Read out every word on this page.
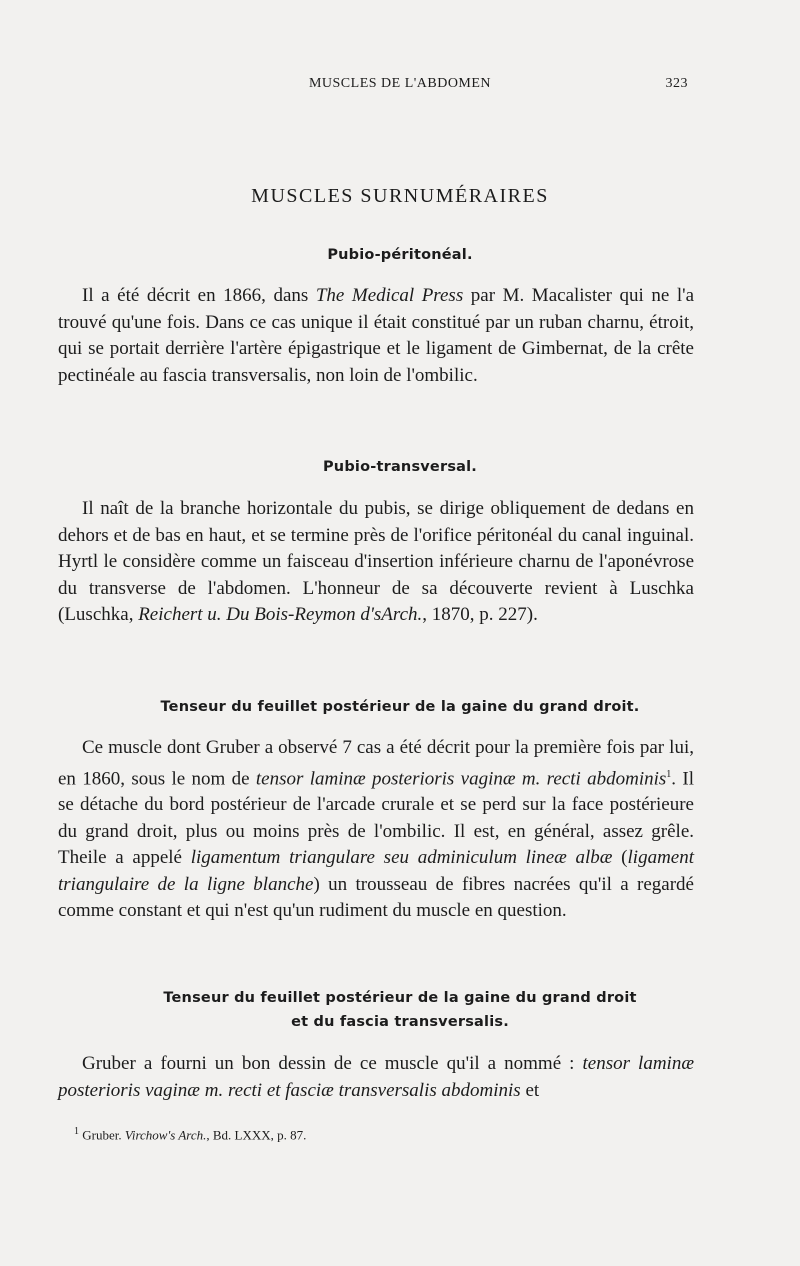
MUSCLES DE L'ABDOMEN	323
MUSCLES SURNUMÉRAIRES
Pubio-péritonéal.

Il a été décrit en 1866, dans The Medical Press par M. Macalister qui ne l'a trouvé qu'une fois. Dans ce cas unique il était constitué par un ruban charnu, étroit, qui se portait derrière l'artère épigastrique et le ligament de Gimbernat, de la crête pectinéale au fascia transversalis, non loin de l'ombilic.

Pubio-transversal.

Il naît de la branche horizontale du pubis, se dirige obliquement de dedans en dehors et de bas en haut, et se termine près de l'orifice péritonéal du canal inguinal. Hyrtl le considère comme un faisceau d'insertion inférieure charnu de l'aponévrose du transverse de l'abdomen. L'honneur de sa découverte revient à Luschka (Luschka, Reichert u. Du Bois-Reymon d'sArch., 1870, p. 227).

Tenseur du feuillet postérieur de la gaine du grand droit.

Ce muscle dont Gruber a observé 7 cas a été décrit pour la première fois par lui, en 1860, sous le nom de tensor laminæ posterioris vaginæ m. recti abdominis$^1$. Il se détache du bord postérieur de l'arcade crurale et se perd sur la face postérieure du grand droit, plus ou moins près de l'ombilic. Il est, en général, assez grêle. Theile a appelé ligamentum triangulare seu adminiculum lineæ albæ (ligament triangulaire de la ligne blanche) un trousseau de fibres nacrées qu'il a regardé comme constant et qui n'est qu'un rudiment du muscle en question.

Tenseur du feuillet postérieur de la gaine du grand droit
et du fascia transversalis.

Gruber a fourni un bon dessin de ce muscle qu'il a nommé : tensor laminæ posterioris vaginæ m. recti et fasciæ transversalis abdominis et

$^1$ Gruber. Virchow's Arch., Bd. LXXX, p. 87.
